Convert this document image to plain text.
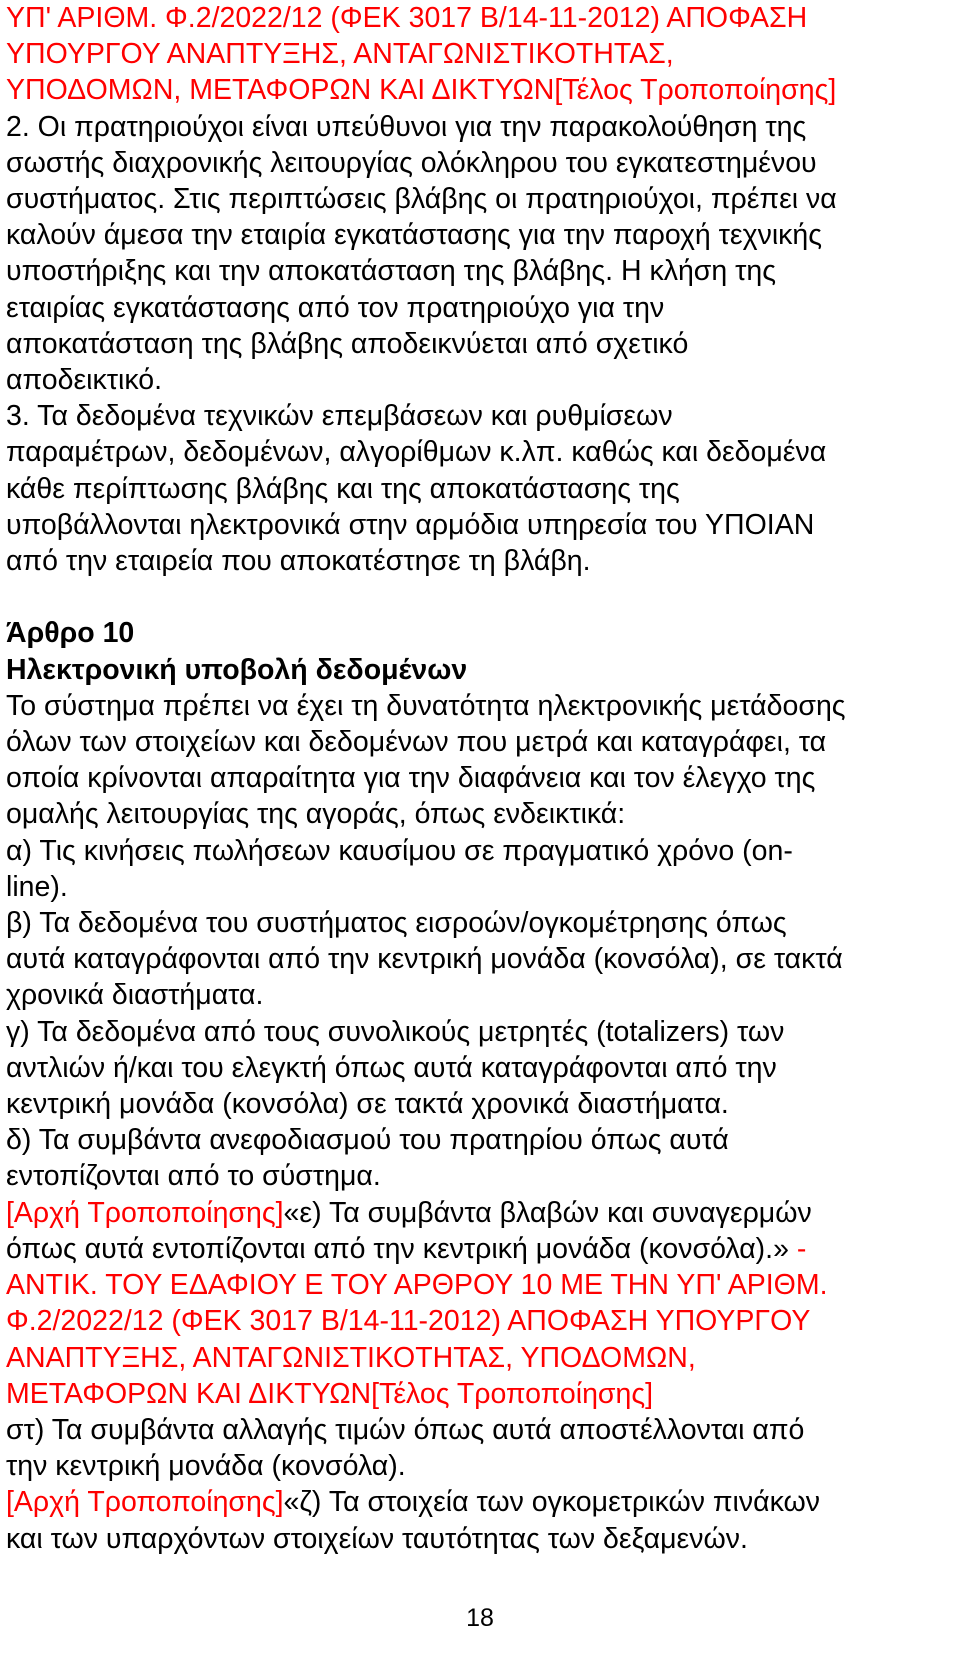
ΥΠ' ΑΡΙΘΜ. Φ.2/2022/12 (ΦΕΚ 3017 Β/14-11-2012) ΑΠΟΦΑΣΗ
ΥΠΟΥΡΓΟΥ ΑΝΑΠΤΥΞΗΣ, ΑΝΤΑΓΩΝΙΣΤΙΚΟΤΗΤΑΣ,
ΥΠΟΔΟΜΩΝ, ΜΕΤΑΦΟΡΩΝ ΚΑΙ ΔΙΚΤΥΩΝ[Τέλος Τροποποίησης]
2. Οι πρατηριούχοι είναι υπεύθυνοι για την παρακολούθηση της
σωστής διαχρονικής λειτουργίας ολόκληρου του εγκατεστημένου
συστήματος. Στις περιπτώσεις βλάβης οι πρατηριούχοι, πρέπει να
καλούν άμεσα την εταιρία εγκατάστασης για την παροχή τεχνικής
υποστήριξης και την αποκατάσταση της βλάβης. Η κλήση της
εταιρίας εγκατάστασης από τον πρατηριούχο για την
αποκατάσταση της βλάβης αποδεικνύεται από σχετικό
αποδεικτικό.
3. Τα δεδομένα τεχνικών επεμβάσεων και ρυθμίσεων
παραμέτρων, δεδομένων, αλγορίθμων κ.λπ. καθώς και δεδομένα
κάθε περίπτωσης βλάβης και της αποκατάστασης της
υποβάλλονται ηλεκτρονικά στην αρμόδια υπηρεσία του ΥΠΟΙΑΝ
από την εταιρεία που αποκατέστησε τη βλάβη.
Άρθρο 10
Ηλεκτρονική υποβολή δεδομένων
Το σύστημα πρέπει να έχει τη δυνατότητα ηλεκτρονικής μετάδοσης
όλων των στοιχείων και δεδομένων που μετρά και καταγράφει, τα
οποία κρίνονται απαραίτητα για την διαφάνεια και τον έλεγχο της
ομαλής λειτουργίας της αγοράς, όπως ενδεικτικά:
α) Τις κινήσεις πωλήσεων καυσίμου σε πραγματικό χρόνο (on-
line).
β) Τα δεδομένα του συστήματος εισροών/ογκομέτρησης όπως
αυτά καταγράφονται από την κεντρική μονάδα (κονσόλα), σε τακτά
χρονικά διαστήματα.
γ) Τα δεδομένα από τους συνολικούς μετρητές (totalizers) των
αντλιών ή/και του ελεγκτή όπως αυτά καταγράφονται από την
κεντρική μονάδα (κονσόλα) σε τακτά χρονικά διαστήματα.
δ) Τα συμβάντα ανεφοδιασμού του πρατηρίου όπως αυτά
εντοπίζονται από το σύστημα.
[Αρχή Τροποποίησης]«ε) Τα συμβάντα βλαβών και συναγερμών
όπως αυτά εντοπίζονται από την κεντρική μονάδα (κονσόλα).» -
ΑΝΤΙΚ. ΤΟΥ ΕΔΑΦΙΟΥ Ε ΤΟΥ ΑΡΘΡΟΥ 10 ΜΕ ΤΗΝ ΥΠ' ΑΡΙΘΜ.
Φ.2/2022/12 (ΦΕΚ 3017 Β/14-11-2012) ΑΠΟΦΑΣΗ ΥΠΟΥΡΓΟΥ
ΑΝΑΠΤΥΞΗΣ, ΑΝΤΑΓΩΝΙΣΤΙΚΟΤΗΤΑΣ, ΥΠΟΔΟΜΩΝ,
ΜΕΤΑΦΟΡΩΝ ΚΑΙ ΔΙΚΤΥΩΝ[Τέλος Τροποποίησης]
στ) Τα συμβάντα αλλαγής τιμών όπως αυτά αποστέλλονται από
την κεντρική μονάδα (κονσόλα).
[Αρχή Τροποποίησης]«ζ) Τα στοιχεία των ογκομετρικών πινάκων
και των υπαρχόντων στοιχείων ταυτότητας των δεξαμενών.
18
